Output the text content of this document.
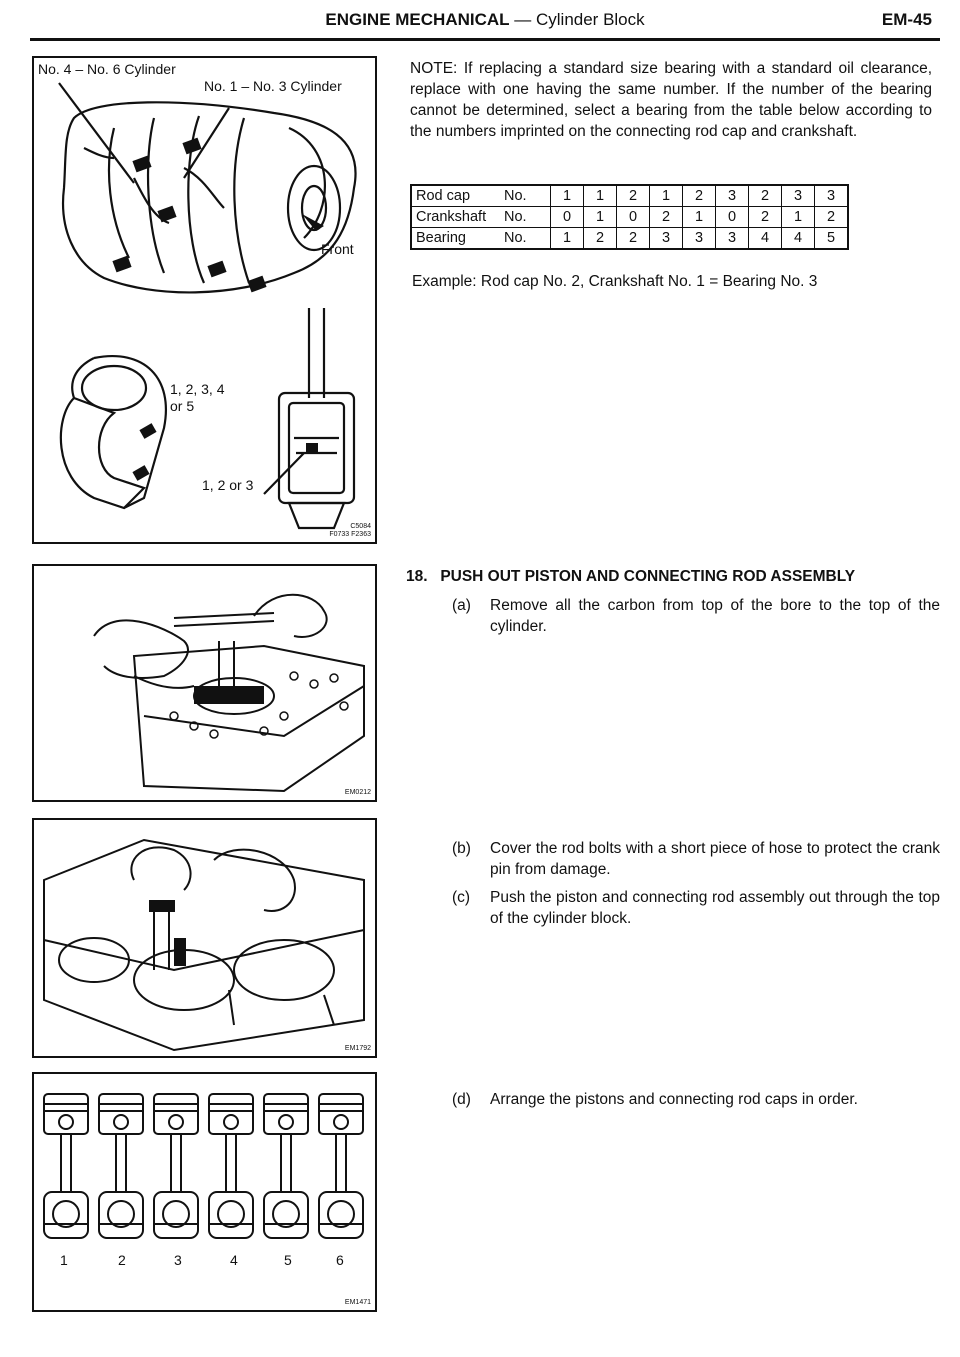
ENGINE MECHANICAL — Cylinder Block	EM-45
No. 4 – No. 6 Cylinder
No. 1 – No. 3 Cylinder
Front
1, 2, 3, 4
or 5
1, 2 or 3
C5084
F0733 F2363
EM0212
EM1792
1	2	3	4	5	6
EM1471
NOTE: If replacing a standard size bearing with a standard oil clearance, replace with one having the same number. If the number of the bearing cannot be determined, select a bearing from the table below according to the numbers imprinted on the connecting rod cap and crankshaft.
Rod cap	No.	1	1	2	1	2	3	2	3	3
Crankshaft	No.	0	1	0	2	1	0	2	1	2
Bearing	No.	1	2	2	3	3	3	4	4	5
Example: Rod cap No. 2, Crankshaft No. 1 = Bearing No. 3
18. PUSH OUT PISTON AND CONNECTING ROD ASSEMBLY
(a) Remove all the carbon from top of the bore to the top of the cylinder.
(b) Cover the rod bolts with a short piece of hose to protect the crank pin from damage.
(c) Push the piston and connecting rod assembly out through the top of the cylinder block.
(d) Arrange the pistons and connecting rod caps in order.
